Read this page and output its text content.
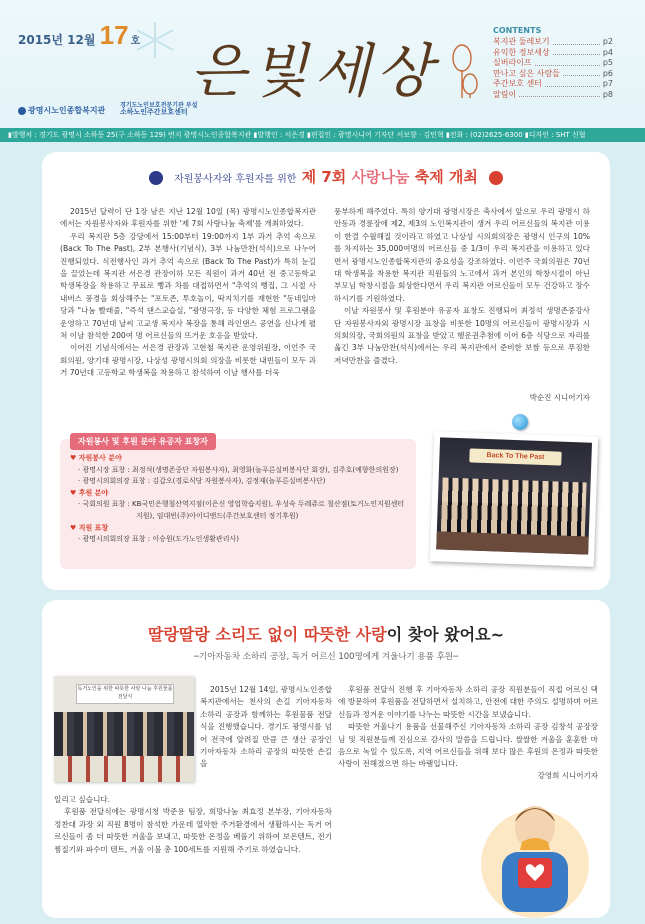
2015년 12월 17 호 은빛세상
광명시노인종합복지관
경기도노인보호전문기관 부설
소하노인주간보호센터
CONTENTS
복지관 둘레보기	p2
유익한 정보세상	p4
실버라이프	p5
만나고 싶은 사람들	p6
주간보호 센터	p7
알림이	p8
▮발행처 : 경기도 광명시 소하동 25(구 소하동 129) 번지 광명시노인종합복지관 ▮발행인 : 서은경 ▮편집인 : 광명시니어 기자단 서보향 · 김민혁 ▮전화 : (02)2625-6300 ▮디자인 : SHT 신협
자원봉사자와 후원자를 위한 제 7회 사랑나눔 축제 개최

2015년 달력이 단 1장 남은 지난 12월 10일 (목) 광명시노인종합복지관에서는 자원봉사자와 후원자를 위한 '제 7회 사랑나눔 축제'를 개최하였다.

우리 복지관 5층 강당에서 15:00부터 19:00까지 1부 과거 추억 속으로 (Back To The Past), 2부 본행사(기념식), 3부 나눔만찬(석식)으로 나누어 진행되었다. 식전행사인 과거 추억 속으로 (Back To The Past)가 특히 눈길을 끌었는데 복지관 서은경 관장이하 모든 직원이 과거 40년 전 중고등학교 학생복장을 착용하고 무료로 뻥과 차를 대접하면서 "추억의 뻥집, 그 시절 사내버스 풍경을 회상해주는 "포토존, 투호놀이, 딱지치기를 재현한 "동네일마당과 "나눔 빨래줄, "즉석 댄스교습실, "광명극장, 등 다양한 체험 프로그램을 운영하고 70년대 날씨 고교생 복지사 복장을 통해 라인댄스 공연을 신나게 펼쳐 이날 참석한 200여 명 어르신들의 뜨거운 호응을 받았다.

이어진 기념식에서는 서은경 관장과 고현철 복지관 운영위원장, 이언주 국회의원, 양기대 광명시장, 나상성 광명시의회 의장을 비롯한 내빈들이 모두 과거 70년대 고등학교 학생복을 착용하고 참석하여 이날 행사를 더욱

풍부하게 해주었다. 특히 양기대 광명시장은 축사에서 앞으로 우리 광명시 하안동과 경륜장에 제2, 제3의 노인복지관이 생겨 우리 어르신들의 복지관 이용이 한결 수월해질 것이라고 하였고 나상성 시의회의장은 광명시 인구의 10%를 차지하는 35,000여명의 어르신들 중 1/3이 우리 복지관을 이용하고 있다면서 광명시노인종합복지관의 중요성을 강조하였다. 이언주 국회의원은 70년대 학생복을 착용한 복지관 직원들의 노고에서 과거 본인의 학창시절이 아닌 부모님 학창시절을 회상한다면서 우리 복지관 어르신들이 모두 건강하고 장수하시기를 기원하였다.

이날 자원봉사 및 후원분야 유공자 표창도 진행되어 최정석 생명존중강사단 자원봉사자외 광명시장 표창을 비롯한 10명의 어르신들이 광명시장과 시의회의장, 국회의원의 표창을 받았고 행운권추첨에 이어 6층 식당으로 자리를 옮긴 3부 나눔만찬(석식)에서는 우리 복지관에서 준비한 보쌈 등으로 푸짐한 저녁만찬을 즐겼다.

박순진 시니어기자
자원봉사 및 후원 분야 유공자 표창자
♥ 자원봉사 분야
· 광명시장 표창 : 최정석(생명존중단 자원봉사자), 최영화(놀푸른실버봉사단 회장), 김주호(예향한의원장)
· 광명시의회의장 표창 : 김갑오(경로식당 자원봉사자), 김정재(놀푸른실버봉사단)
♥ 후원 분야
· 국회의원 표창 : KB국민은행철산역지점(이은신 영업학습지원), 우성숙 두레쥬르 철산점(토거노인지원센터
지원), 임대빈(주)아이디앤드(주간보호센터 정기후원)
♥ 직원 표창
· 광명시의회의장 표창 : 이승원(도가노인생활관리사)
Back To The Past
딸랑딸랑 소리도 없이 따뜻한 사랑이 찾아 왔어요~
─기아자동차 소하리 공장, 독거 어르신 100명에게 겨울나기 용품 후원─
독거노인을 위한 따뜻한 사랑 나눔 후원물품 전달식

2015년 12월 14일, 광명시노인종합복지관에서는 천사의 손길 기아자동차 소하리 공장과 함께하는 후원물품 전달식을 진행했습니다. 경기도 광명시를 넘어 전국에 알려질 만큼 큰 생산 공장인 기아자동차 소하리 공장의 따뜻한 손길을

일리고 싶습니다.

후원품 전달식에는 광명시청 박준용 팀장, 희망나눔 최효정 본부장, 기아자동차 정찬대 과장 외 직원 8명이 참석한 가운데 열악한 주거환경에서 생활하시는 독거 어르신들이 좀 더 따뜻한 겨울을 보내고, 따뜻한 온정을 베풀기 위하여 보온텐트, 전기 찜질기와 파수미 텐트, 겨울 이불 총 100세트를 지원해 주기로 하였습니다.

후원품 전달식 진행 후 기아자동차 소하리 공장 직원분들이 직접 어르신 댁에 방문하여 후원품을 전달하면서 설치하고, 안전에 대한 주의도 설명하며 어르신들과 정겨운 이야기를 나누는 따뜻한 시간을 보냈습니다.

따뜻한 겨울나기 용품을 선물해주신 기아자동차 소하리 공장 김창석 공장장님 및 직원분들께 진심으로 감사의 말씀을 드립니다. 쌀쌀한 겨울을 훈훈한 마음으로 녹일 수 있도록, 지역 어르신들을 위해 보다 많은 후원의 온정과 따뜻한 사랑이 전해졌으면 하는 바램입니다.

강영희 시니어기자
